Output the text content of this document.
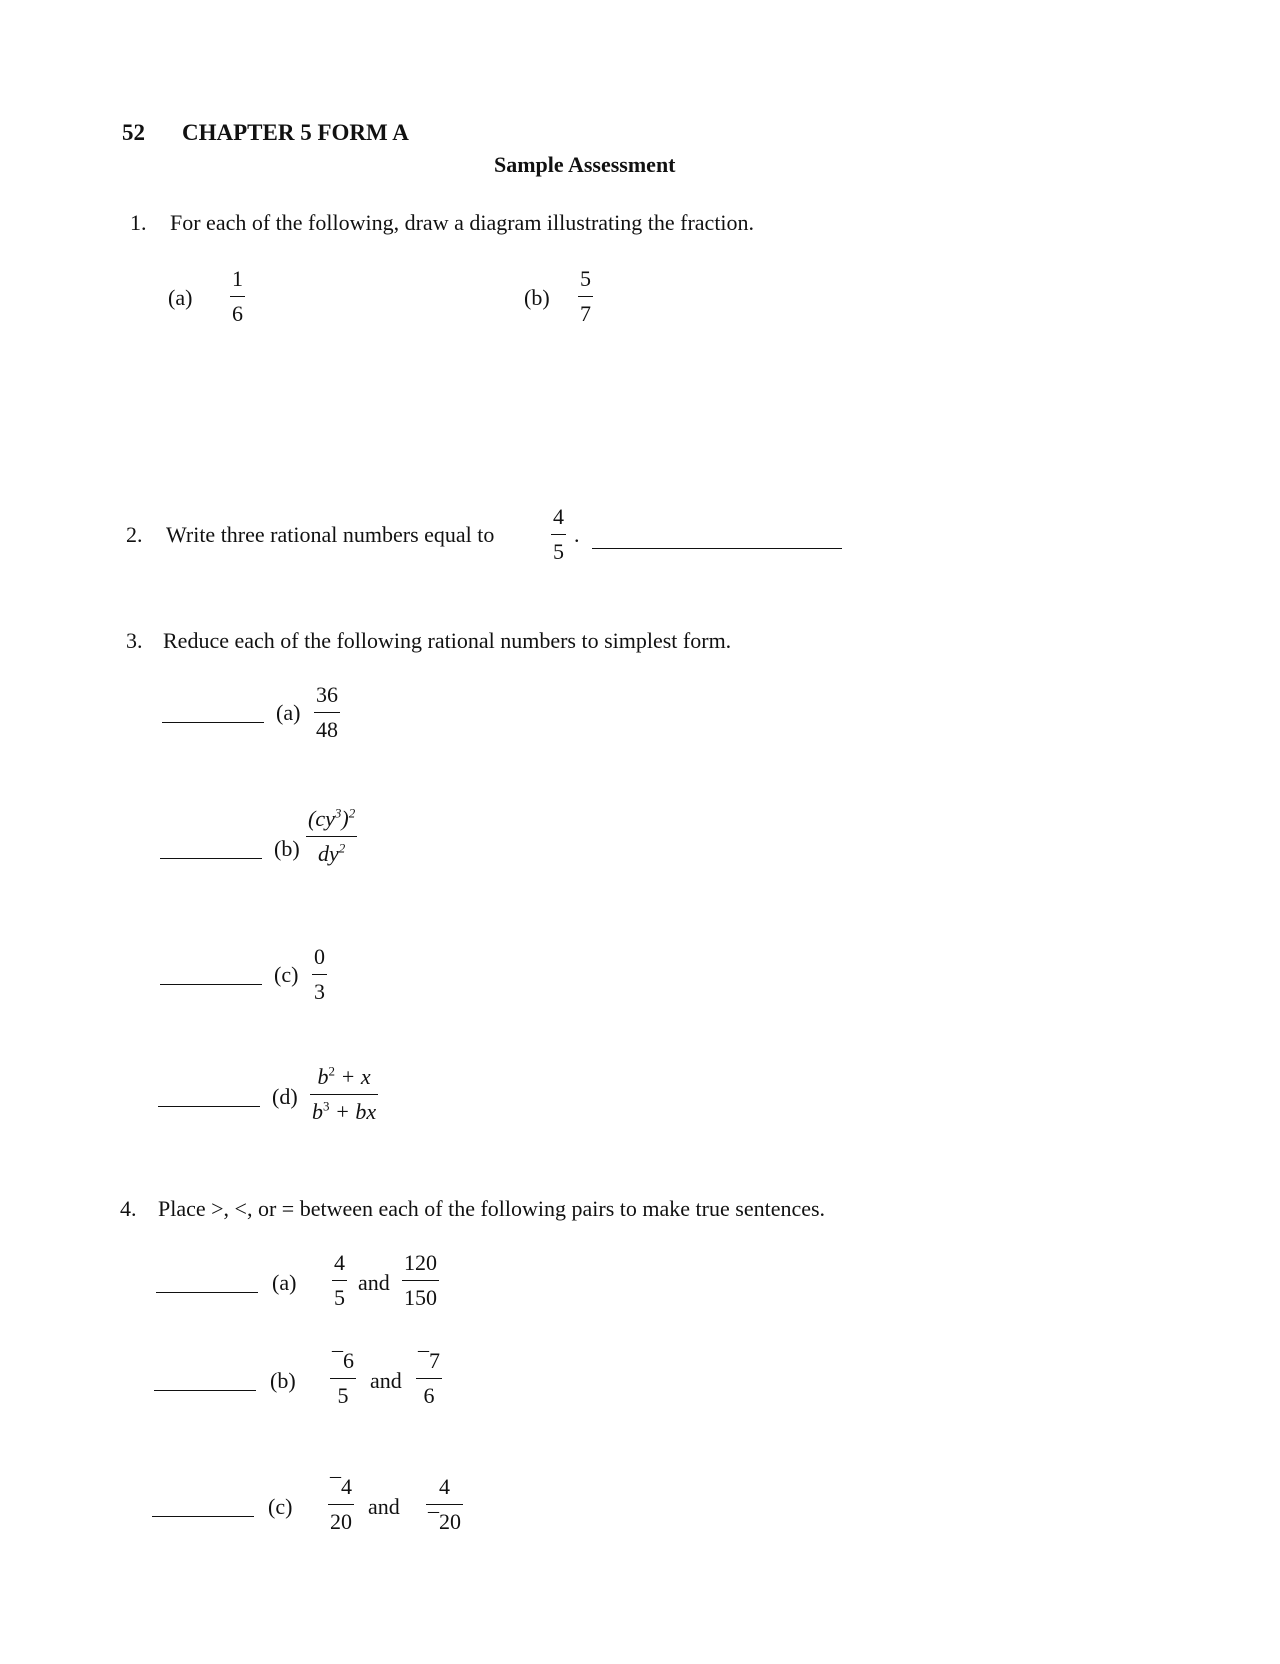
52 CHAPTER 5 FORM A
Sample Assessment
1. For each of the following, draw a diagram illustrating the fraction.
(a)
1
6
(b)
5
7
2. Write three rational numbers equal to
4
5
.
3. Reduce each of the following rational numbers to simplest form.
(a)
36
48
(b)
$(cy^3)^2$
$dy^2$
(c)
0
3
(d)
$b^2 + x$
$b^3$ + bx
4. Place >, <, or = between each of the following pairs to make true sentences.
(a)
4
5
and
120
150
(b)
¯6
5
and
¯7
6
(c)
¯4
20
and
4
¯20
